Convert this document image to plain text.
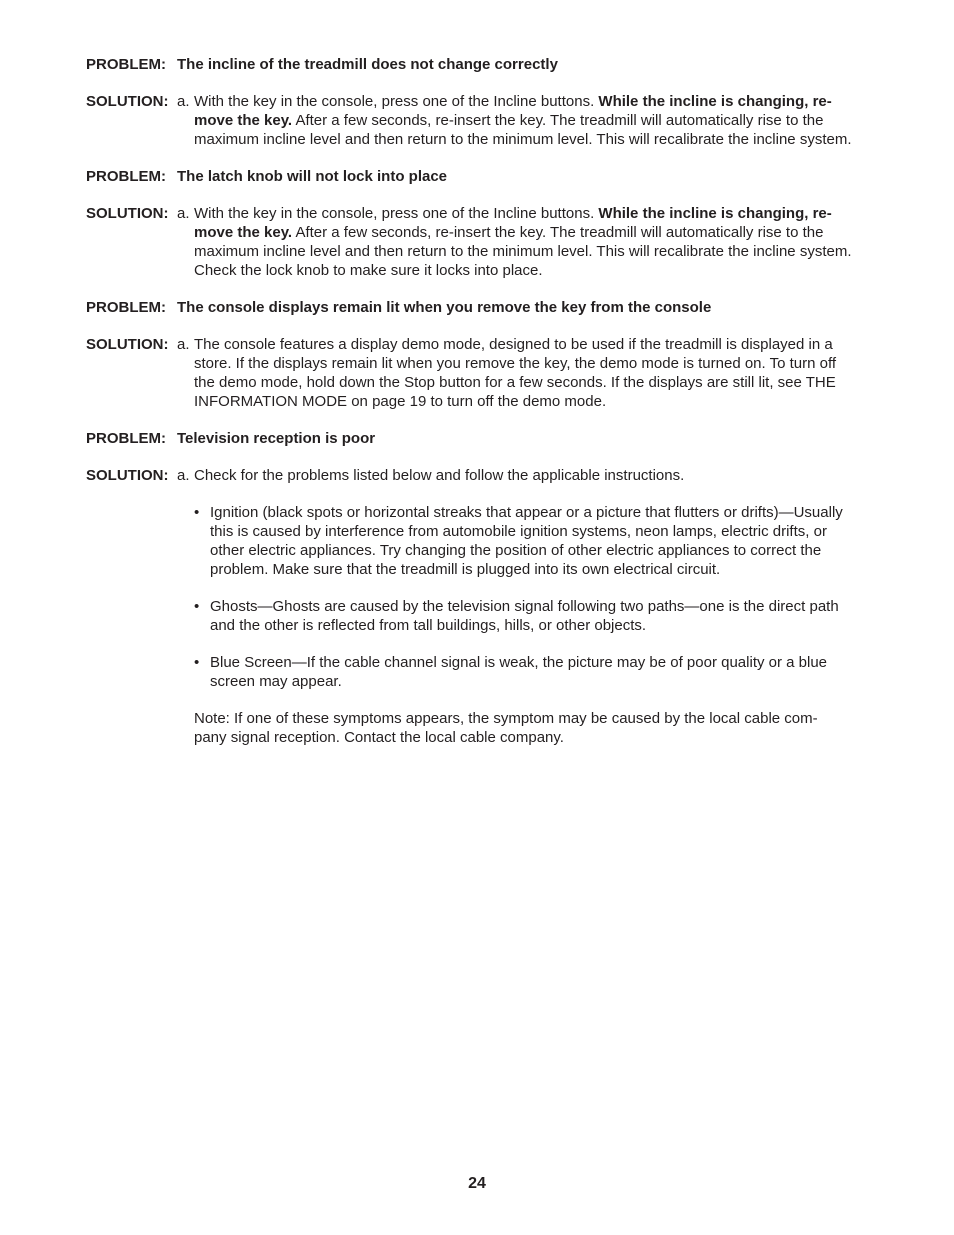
PROBLEM: The incline of the treadmill does not change correctly
SOLUTION: a. With the key in the console, press one of the Incline buttons. While the incline is changing, re-
move the key. After a few seconds, re-insert the key. The treadmill will automatically rise to the
maximum incline level and then return to the minimum level. This will recalibrate the incline system.
PROBLEM: The latch knob will not lock into place
SOLUTION: a. With the key in the console, press one of the Incline buttons. While the incline is changing, re-
move the key. After a few seconds, re-insert the key. The treadmill will automatically rise to the
maximum incline level and then return to the minimum level. This will recalibrate the incline system.
Check the lock knob to make sure it locks into place.
PROBLEM: The console displays remain lit when you remove the key from the console
SOLUTION: a. The console features a display demo mode, designed to be used if the treadmill is displayed in a
store. If the displays remain lit when you remove the key, the demo mode is turned on. To turn off
the demo mode, hold down the Stop button for a few seconds. If the displays are still lit, see THE
INFORMATION MODE on page 19 to turn off the demo mode.
PROBLEM: Television reception is poor
SOLUTION: a. Check for the problems listed below and follow the applicable instructions.
• Ignition (black spots or horizontal streaks that appear or a picture that flutters or drifts)—Usually
this is caused by interference from automobile ignition systems, neon lamps, electric drifts, or
other electric appliances. Try changing the position of other electric appliances to correct the
problem. Make sure that the treadmill is plugged into its own electrical circuit.
• Ghosts—Ghosts are caused by the television signal following two paths—one is the direct path
and the other is reflected from tall buildings, hills, or other objects.
• Blue Screen—If the cable channel signal is weak, the picture may be of poor quality or a blue
screen may appear.
Note: If one of these symptoms appears, the symptom may be caused by the local cable com-
pany signal reception. Contact the local cable company.
24
